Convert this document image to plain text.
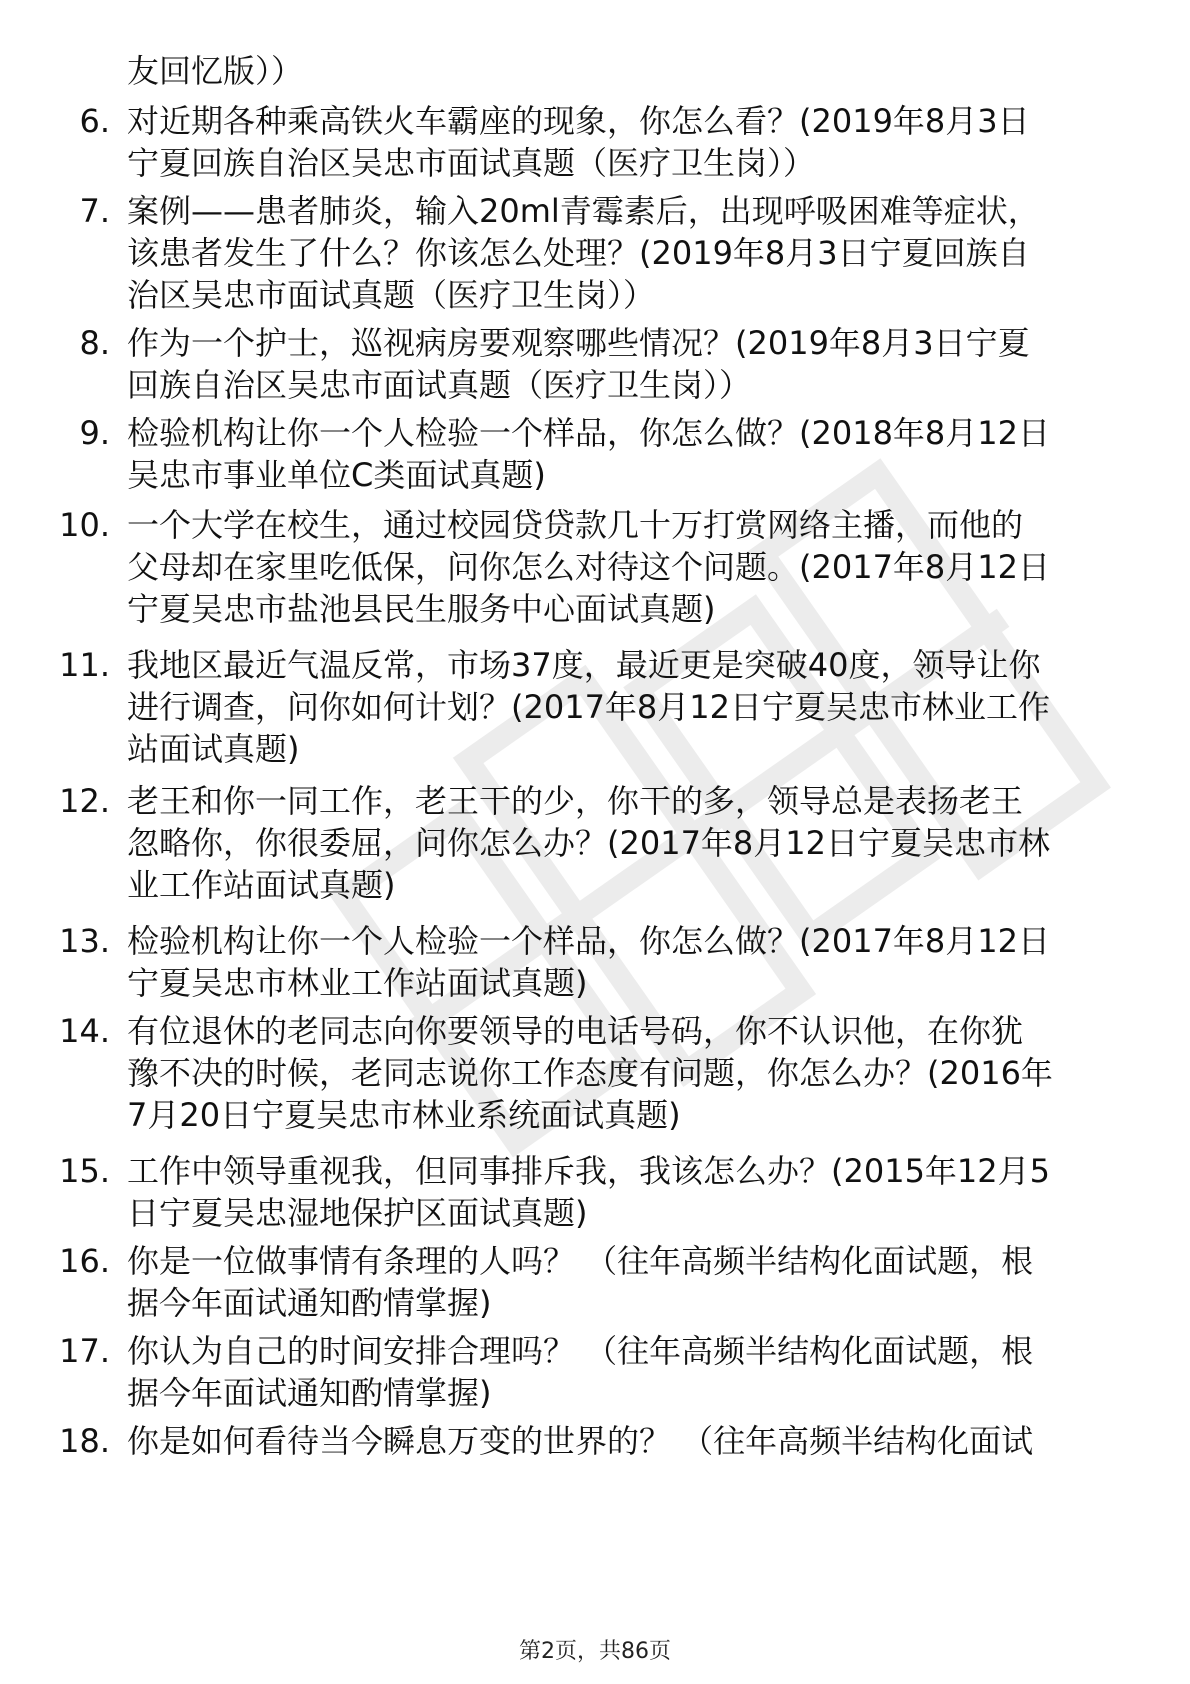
友回忆版））
6. 对近期各种乘高铁火车霸座的现象，你怎么看？(2019年8月3日
宁夏回族自治区吴忠市面试真题（医疗卫生岗））
7. 案例——患者肺炎，输入20ml青霉素后，出现呼吸困难等症状，
该患者发生了什么？你该怎么处理？(2019年8月3日宁夏回族自
治区吴忠市面试真题（医疗卫生岗））
8. 作为一个护士，巡视病房要观察哪些情况？(2019年8月3日宁夏
回族自治区吴忠市面试真题（医疗卫生岗））
9. 检验机构让你一个人检验一个样品，你怎么做？(2018年8月12日
吴忠市事业单位C类面试真题)
10. 一个大学在校生，通过校园贷贷款几十万打赏网络主播，而他的
父母却在家里吃低保，问你怎么对待这个问题。(2017年8月12日
宁夏吴忠市盐池县民生服务中心面试真题)
11. 我地区最近气温反常，市场37度，最近更是突破40度，领导让你
进行调查，问你如何计划？(2017年8月12日宁夏吴忠市林业工作
站面试真题)
12. 老王和你一同工作，老王干的少，你干的多，领导总是表扬老王
忽略你，你很委屈，问你怎么办？(2017年8月12日宁夏吴忠市林
业工作站面试真题)
13. 检验机构让你一个人检验一个样品，你怎么做？(2017年8月12日
宁夏吴忠市林业工作站面试真题)
14. 有位退休的老同志向你要领导的电话号码，你不认识他，在你犹
豫不决的时候，老同志说你工作态度有问题，你怎么办？(2016年
7月20日宁夏吴忠市林业系统面试真题)
15. 工作中领导重视我，但同事排斥我，我该怎么办？(2015年12月5
日宁夏吴忠湿地保护区面试真题)
16. 你是一位做事情有条理的人吗？ （往年高频半结构化面试题，根
据今年面试通知酌情掌握)
17. 你认为自己的时间安排合理吗？ （往年高频半结构化面试题，根
据今年面试通知酌情掌握)
18. 你是如何看待当今瞬息万变的世界的？ （往年高频半结构化面试
第2页，共86页
